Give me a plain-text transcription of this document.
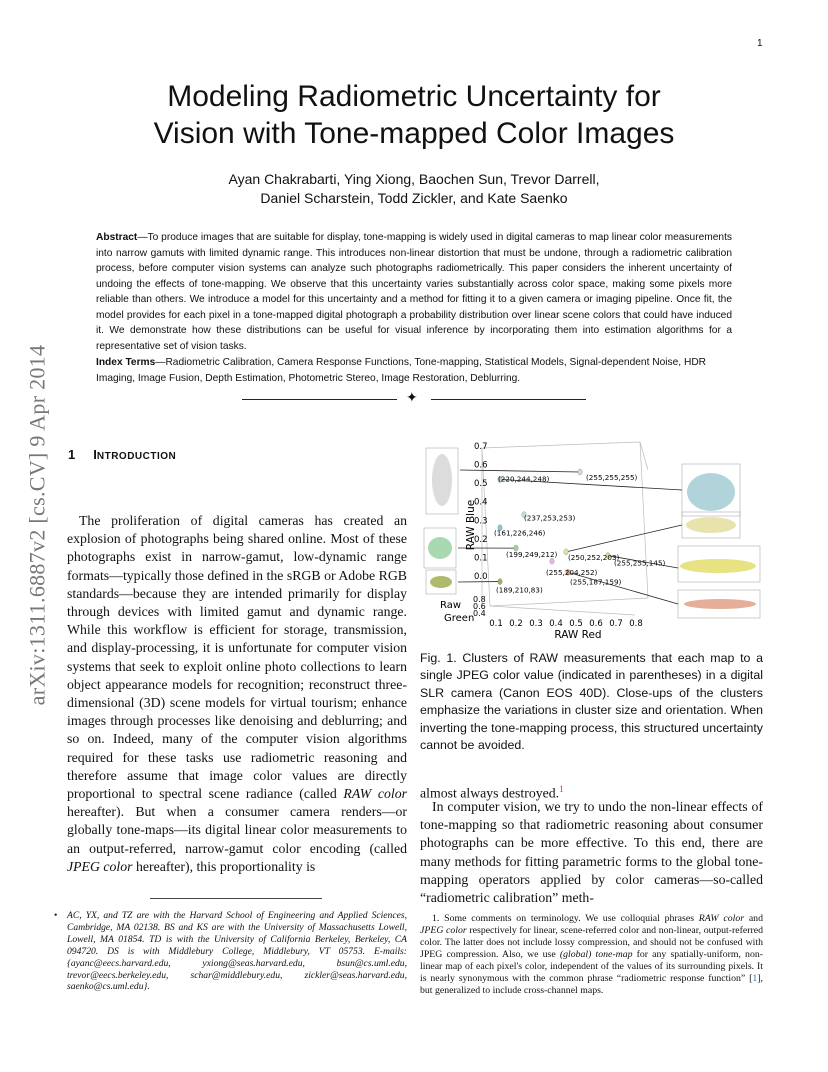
1
arXiv:1311.6887v2 [cs.CV] 9 Apr 2014
Modeling Radiometric Uncertainty for
Vision with Tone-mapped Color Images
Ayan Chakrabarti, Ying Xiong, Baochen Sun, Trevor Darrell,
Daniel Scharstein, Todd Zickler, and Kate Saenko
Abstract—To produce images that are suitable for display, tone-mapping is widely used in digital cameras to map linear color measurements into narrow gamuts with limited dynamic range. This introduces non-linear distortion that must be undone, through a radiometric calibration process, before computer vision systems can analyze such photographs radiometrically. This paper considers the inherent uncertainty of undoing the effects of tone-mapping. We observe that this uncertainty varies substantially across color space, making some pixels more reliable than others. We introduce a model for this uncertainty and a method for fitting it to a given camera or imaging pipeline. Once fit, the model provides for each pixel in a tone-mapped digital photograph a probability distribution over linear scene colors that could have induced it. We demonstrate how these distributions can be useful for visual inference by incorporating them into estimation algorithms for a representative set of vision tasks.
Index Terms—Radiometric Calibration, Camera Response Functions, Tone-mapping, Statistical Models, Signal-dependent Noise, HDR Imaging, Image Fusion, Depth Estimation, Photometric Stereo, Image Restoration, Deblurring.
✦
1 INTRODUCTION
The proliferation of digital cameras has created an explosion of photographs being shared online. Most of these photographs exist in narrow-gamut, low-dynamic range formats—typically those defined in the sRGB or Adobe RGB standards—because they are intended primarily for display through devices with limited gamut and dynamic range. While this workflow is efficient for storage, transmission, and display-processing, it is unfortunate for computer vision systems that seek to exploit online photo collections to learn object appearance models for recognition; reconstruct three-dimensional (3D) scene models for virtual tourism; enhance images through processes like denoising and deblurring; and so on. Indeed, many of the computer vision algorithms required for these tasks use radiometric reasoning and therefore assume that image color values are directly proportional to spectral scene radiance (called RAW color hereafter). But when a consumer camera renders—or globally tone-maps—its digital linear color measurements to an output-referred, narrow-gamut color encoding (called JPEG color hereafter), this proportionality is
(220,244,248)	(255,255,255)
(237,253,253)
(161,226,246)
(199,249,212) (250,252,203)
(255,255,145)
(255,204,252)
(255,187,159)
(189,210,83)
0.1 0.2 0.3 0.4 0.5 0.6 0.7 0.8
0.0
0.1
0.2
0.3
0.4
0.5
0.6
0.7
Raw
Green
0.8
0.6
0.4
RAW Red
RAW Blue
Fig. 1. Clusters of RAW measurements that each map to a single JPEG color value (indicated in parentheses) in a digital SLR camera (Canon EOS 40D). Close-ups of the clusters emphasize the variations in cluster size and orientation. When inverting the tone-mapping process, this structured uncertainty cannot be avoided.
almost always destroyed.$^1$
In computer vision, we try to undo the non-linear effects of tone-mapping so that radiometric reasoning about consumer photographs can be more effective. To this end, there are many methods for fitting parametric forms to the global tone-mapping operators applied by color cameras—so-called “radiometric calibration” meth-
•	AC, YX, and TZ are with the Harvard School of Engineering and Applied Sciences, Cambridge, MA 02138. BS and KS are with the University of Massachusetts Lowell, Lowell, MA 01854. TD is with the University of California Berkeley, Berkeley, CA 094720. DS is with Middlebury College, Middlebury, VT 05753. E-mails: {ayanc@eecs.harvard.edu, yxiong@seas.harvard.edu, bsun@cs.uml.edu, trevor@eecs.berkeley.edu, schar@middlebury.edu, zickler@seas.harvard.edu, saenko@cs.uml.edu}.
1. Some comments on terminology. We use colloquial phrases RAW color and JPEG color respectively for linear, scene-referred color and non-linear, output-referred color. The latter does not include lossy compression, and should not be confused with JPEG compression. Also, we use (global) tone-map for any spatially-uniform, non-linear map of each pixel's color, independent of the values of its surrounding pixels. It is nearly synonymous with the common phrase “radiometric response function” [1], but generalized to include cross-channel maps.
